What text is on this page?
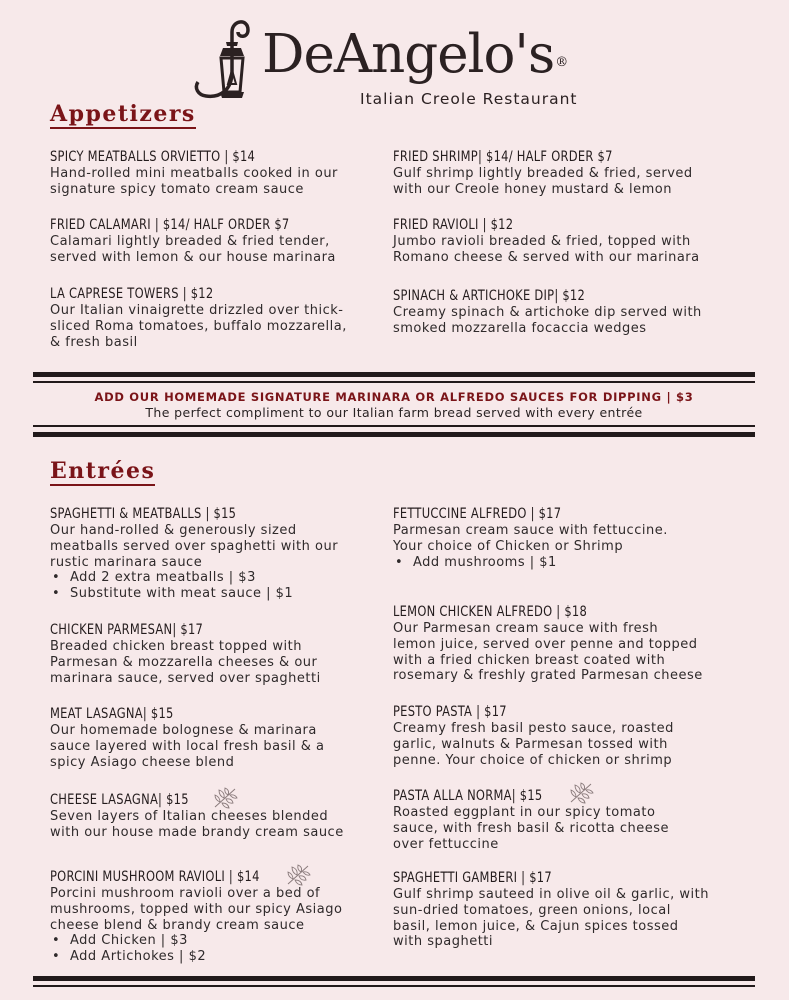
DeAngelo's®
Italian Creole Restaurant
Appetizers
SPICY MEATBALLS ORVIETTO | $14
Hand-rolled mini meatballs cooked in our
signature spicy tomato cream sauce
FRIED SHRIMP| $14/ HALF ORDER $7
Gulf shrimp lightly breaded & fried, served
with our Creole honey mustard & lemon
FRIED CALAMARI | $14/ HALF ORDER $7
Calamari lightly breaded & fried tender,
served with lemon & our house marinara
FRIED RAVIOLI | $12
Jumbo ravioli breaded & fried, topped with
Romano cheese & served with our marinara
LA CAPRESE TOWERS | $12
Our Italian vinaigrette drizzled over thick-
sliced Roma tomatoes, buffalo mozzarella,
& fresh basil
SPINACH & ARTICHOKE DIP| $12
Creamy spinach & artichoke dip served with
smoked mozzarella focaccia wedges
ADD OUR HOMEMADE SIGNATURE MARINARA OR ALFREDO SAUCES FOR DIPPING | $3
The perfect compliment to our Italian farm bread served with every entrée
Entrées
SPAGHETTI & MEATBALLS | $15
Our hand-rolled & generously sized
meatballs served over spaghetti with our
rustic marinara sauce
• Add 2 extra meatballs | $3
• Substitute with meat sauce | $1
FETTUCCINE ALFREDO | $17
Parmesan cream sauce with fettuccine.
Your choice of Chicken or Shrimp
• Add mushrooms | $1
CHICKEN PARMESAN| $17
Breaded chicken breast topped with
Parmesan & mozzarella cheeses & our
marinara sauce, served over spaghetti
LEMON CHICKEN ALFREDO | $18
Our Parmesan cream sauce with fresh
lemon juice, served over penne and topped
with a fried chicken breast coated with
rosemary & freshly grated Parmesan cheese
MEAT LASAGNA| $15
Our homemade bolognese & marinara
sauce layered with local fresh basil & a
spicy Asiago cheese blend
PESTO PASTA | $17
Creamy fresh basil pesto sauce, roasted
garlic, walnuts & Parmesan tossed with
penne. Your choice of chicken or shrimp
CHEESE LASAGNA| $15
Seven layers of Italian cheeses blended
with our house made brandy cream sauce
PASTA ALLA NORMA| $15
Roasted eggplant in our spicy tomato
sauce, with fresh basil & ricotta cheese
over fettuccine
PORCINI MUSHROOM RAVIOLI | $14
Porcini mushroom ravioli over a bed of
mushrooms, topped with our spicy Asiago
cheese blend & brandy cream sauce
• Add Chicken | $3
• Add Artichokes | $2
SPAGHETTI GAMBERI | $17
Gulf shrimp sauteed in olive oil & garlic, with
sun-dried tomatoes, green onions, local
basil, lemon juice, & Cajun spices tossed
with spaghetti
